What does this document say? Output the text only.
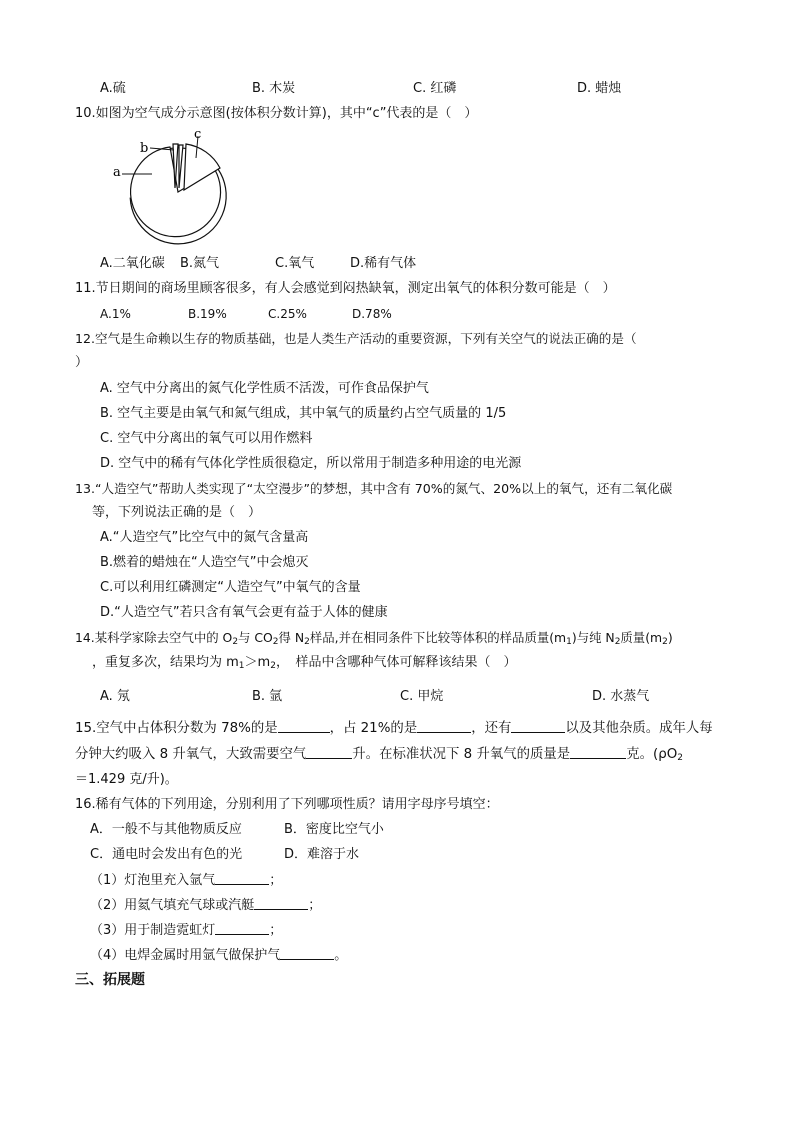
A.硫	B. 木炭	C. 红磷	D. 蜡烛
10.如图为空气成分示意图(按体积分数计算)，其中“c”代表的是（　）
a
b
c
A.二氧化碳 B.氮气	C.氧气	D.稀有气体
11.节日期间的商场里顾客很多，有人会感觉到闷热缺氧，测定出氧气的体积分数可能是（　）
A.1%	B.19%	C.25%	D.78%
12.空气是生命赖以生存的物质基础，也是人类生产活动的重要资源，下列有关空气的说法正确的是（
）
A. 空气中分离出的氮气化学性质不活泼，可作食品保护气
B. 空气主要是由氧气和氮气组成，其中氧气的质量约占空气质量的 1/5
C. 空气中分离出的氧气可以用作燃料
D. 空气中的稀有气体化学性质很稳定，所以常用于制造多种用途的电光源
13.“人造空气”帮助人类实现了“太空漫步”的梦想，其中含有 70%的氮气、20%以上的氧气，还有二氧化碳
等，下列说法正确的是（　）
A.“人造空气”比空气中的氮气含量高
B.燃着的蜡烛在“人造空气”中会熄灭
C.可以利用红磷测定“人造空气”中氧气的含量
D.“人造空气”若只含有氧气会更有益于人体的健康
14.某科学家除去空气中的 $O_2$与 $CO_2$得 $N_2$样品,并在相同条件下比较等体积的样品质量$(m_1)$与纯 $N_2$质量$(m_2)$
，重复多次，结果均为 $m_1>m_2$，　样品中含哪种气体可解释该结果（　）
A. 氖	B. 氩	C. 甲烷	D. 水蒸气
15.空气中占体积分数为 78%的是	，占 21%的是	，还有	以及其他杂质。成年人每
分钟大约吸入 8 升氧气，大致需要空气	升。在标准状况下 8 升氧气的质量是	克。($\rho O_2$
＝1.429 克/升)。
16.稀有气体的下列用途，分别利用了下列哪项性质？请用字母序号填空：
A．一般不与其他物质反应	B．密度比空气小
C．通电时会发出有色的光	D．难溶于水
（1）灯泡里充入氩气	；
（2）用氦气填充气球或汽艇	；
（3）用于制造霓虹灯	；
（4）电焊金属时用氩气做保护气	。
三、拓展题
